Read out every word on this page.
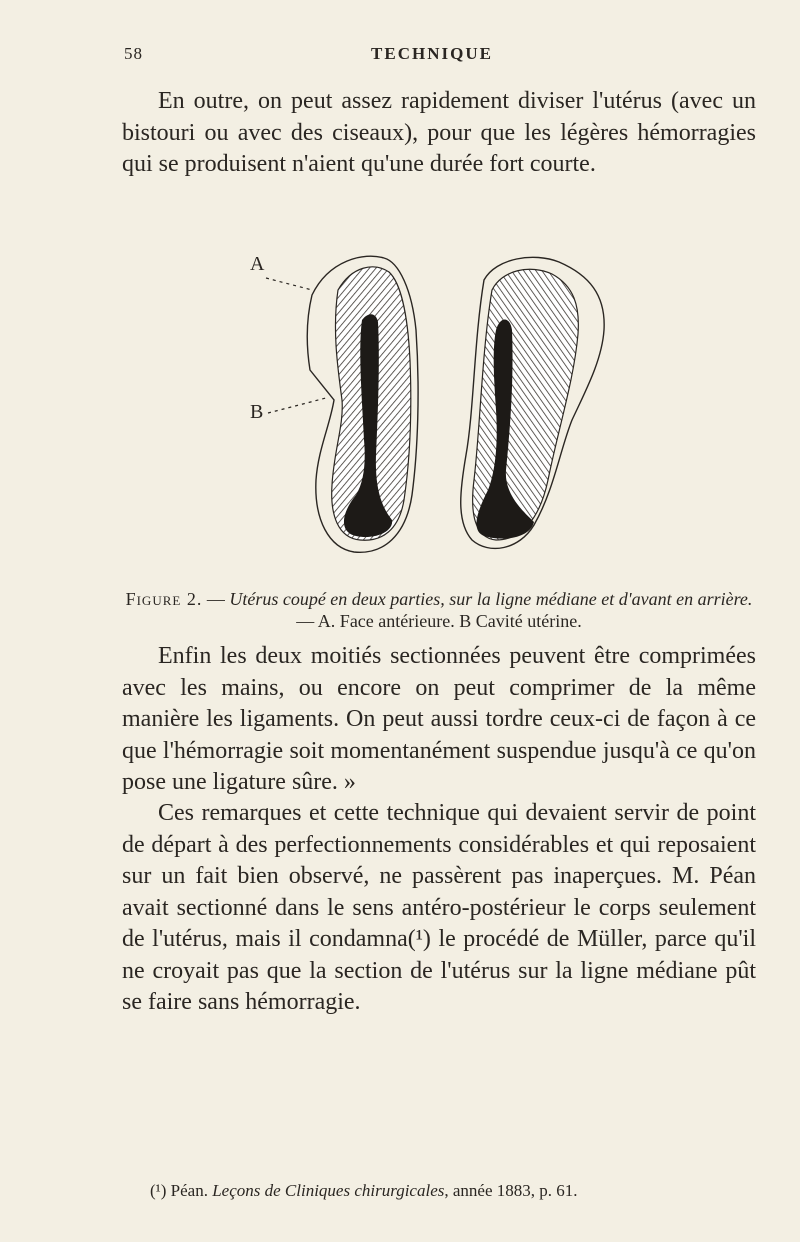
58	TECHNIQUE

En outre, on peut assez rapidement diviser l'utérus (avec un bistouri ou avec des ciseaux), pour que les légères hémorragies qui se produisent n'aient qu'une durée fort courte.

A
B
Figure 2. — Utérus coupé en deux parties, sur la ligne médiane et d'avant en arrière. — A. Face antérieure. B Cavité utérine.

Enfin les deux moitiés sectionnées peuvent être comprimées avec les mains, ou encore on peut comprimer de la même manière les ligaments. On peut aussi tordre ceux-ci de façon à ce que l'hémorragie soit momentanément suspendue jusqu'à ce qu'on pose une ligature sûre. »

Ces remarques et cette technique qui devaient servir de point de départ à des perfectionnements considérables et qui reposaient sur un fait bien observé, ne passèrent pas inaperçues. M. Péan avait sectionné dans le sens antéro-postérieur le corps seulement de l'utérus, mais il condamna(¹) le procédé de Müller, parce qu'il ne croyait pas que la section de l'utérus sur la ligne médiane pût se faire sans hémorragie.

(¹) Péan. Leçons de Cliniques chirurgicales, année 1883, p. 61.
